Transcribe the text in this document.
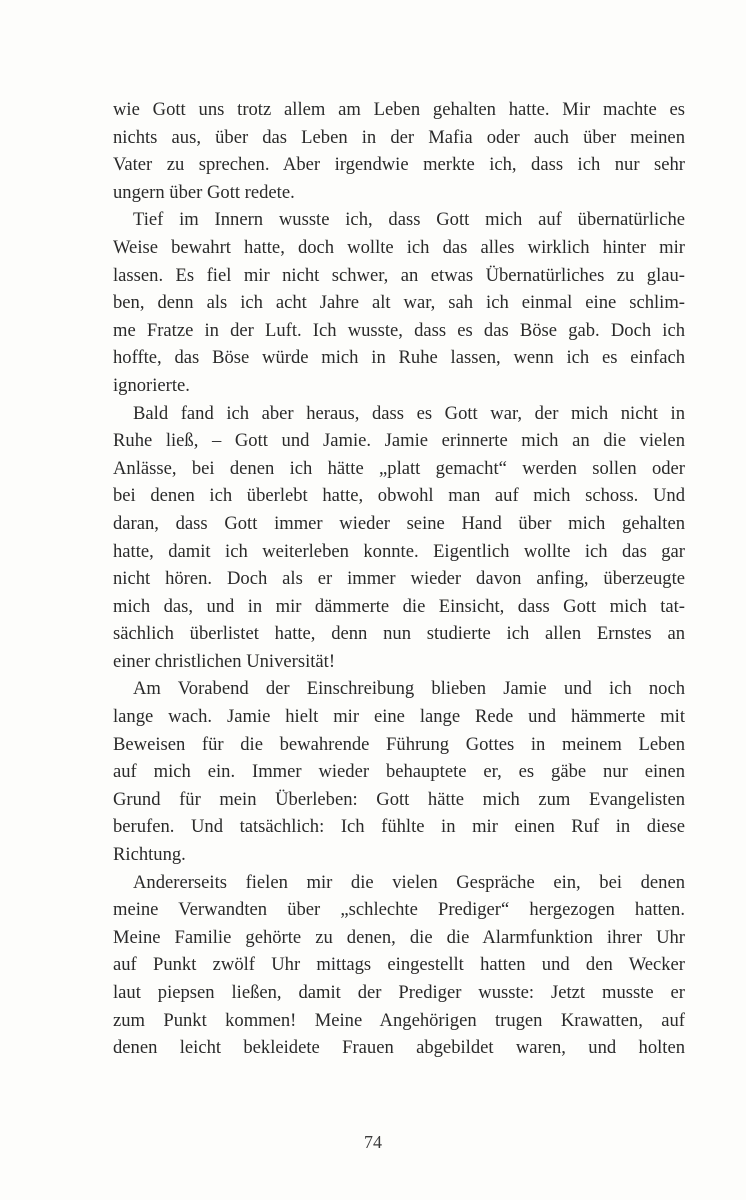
wie Gott uns trotz allem am Leben gehalten hatte. Mir machte es
nichts aus, über das Leben in der Mafia oder auch über meinen
Vater zu sprechen. Aber irgendwie merkte ich, dass ich nur sehr
ungern über Gott redete.
Tief im Innern wusste ich, dass Gott mich auf übernatürliche
Weise bewahrt hatte, doch wollte ich das alles wirklich hinter mir
lassen. Es fiel mir nicht schwer, an etwas Übernatürliches zu glau-
ben, denn als ich acht Jahre alt war, sah ich einmal eine schlim-
me Fratze in der Luft. Ich wusste, dass es das Böse gab. Doch ich
hoffte, das Böse würde mich in Ruhe lassen, wenn ich es einfach
ignorierte.
Bald fand ich aber heraus, dass es Gott war, der mich nicht in
Ruhe ließ, – Gott und Jamie. Jamie erinnerte mich an die vielen
Anlässe, bei denen ich hätte „platt gemacht“ werden sollen oder
bei denen ich überlebt hatte, obwohl man auf mich schoss. Und
daran, dass Gott immer wieder seine Hand über mich gehalten
hatte, damit ich weiterleben konnte. Eigentlich wollte ich das gar
nicht hören. Doch als er immer wieder davon anfing, überzeugte
mich das, und in mir dämmerte die Einsicht, dass Gott mich tat-
sächlich überlistet hatte, denn nun studierte ich allen Ernstes an
einer christlichen Universität!
Am Vorabend der Einschreibung blieben Jamie und ich noch
lange wach. Jamie hielt mir eine lange Rede und hämmerte mit
Beweisen für die bewahrende Führung Gottes in meinem Leben
auf mich ein. Immer wieder behauptete er, es gäbe nur einen
Grund für mein Überleben: Gott hätte mich zum Evangelisten
berufen. Und tatsächlich: Ich fühlte in mir einen Ruf in diese
Richtung.
Andererseits fielen mir die vielen Gespräche ein, bei denen
meine Verwandten über „schlechte Prediger“ hergezogen hatten.
Meine Familie gehörte zu denen, die die Alarmfunktion ihrer Uhr
auf Punkt zwölf Uhr mittags eingestellt hatten und den Wecker
laut piepsen ließen, damit der Prediger wusste: Jetzt musste er
zum Punkt kommen! Meine Angehörigen trugen Krawatten, auf
denen leicht bekleidete Frauen abgebildet waren, und holten
74
